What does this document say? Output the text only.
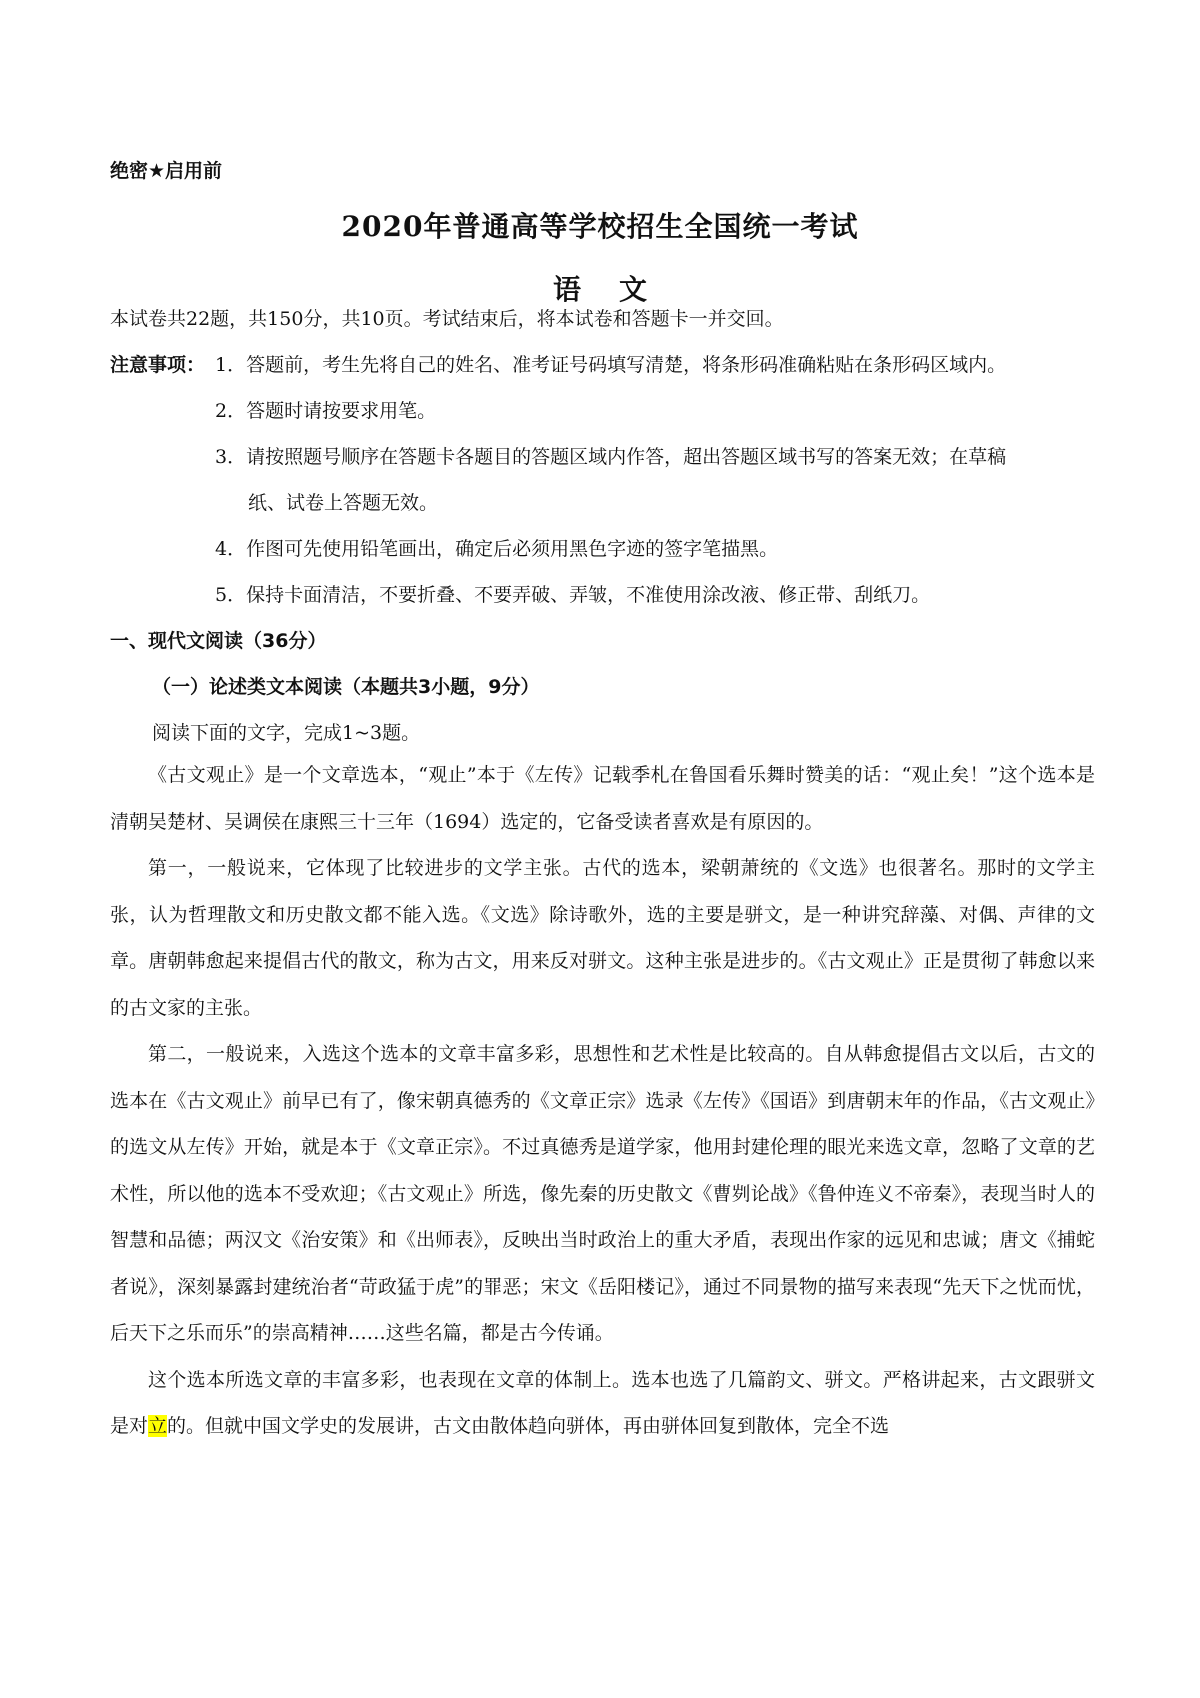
绝密★启用前
2020年普通高等学校招生全国统一考试
语文
本试卷共22题，共150分，共10页。考试结束后，将本试卷和答题卡一并交回。
注意事项： 1．答题前，考生先将自己的姓名、准考证号码填写清楚，将条形码准确粘贴在条形码区域内。
2．答题时请按要求用笔。
3．请按照题号顺序在答题卡各题目的答题区域内作答，超出答题区域书写的答案无效；在草稿
纸、试卷上答题无效。
4．作图可先使用铅笔画出，确定后必须用黑色字迹的签字笔描黑。
5．保持卡面清洁，不要折叠、不要弄破、弄皱，不准使用涂改液、修正带、刮纸刀。
一、现代文阅读（36分）
（一）论述类文本阅读（本题共3小题，9分）
阅读下面的文字，完成1~3题。

《古文观止》是一个文章选本，“观止”本于《左传》记载季札在鲁国看乐舞时赞美的话：“观止矣！”这个选本是清朝吴楚材、吴调侯在康熙三十三年（1694）选定的，它备受读者喜欢是有原因的。

第一，一般说来，它体现了比较进步的文学主张。古代的选本，梁朝萧统的《文选》也很著名。那时的文学主张，认为哲理散文和历史散文都不能入选。《文选》除诗歌外，选的主要是骈文，是一种讲究辞藻、对偶、声律的文章。唐朝韩愈起来提倡古代的散文，称为古文，用来反对骈文。这种主张是进步的。《古文观止》正是贯彻了韩愈以来的古文家的主张。

第二，一般说来，入选这个选本的文章丰富多彩，思想性和艺术性是比较高的。自从韩愈提倡古文以后，古文的选本在《古文观止》前早已有了，像宋朝真德秀的《文章正宗》选录《左传》《国语》到唐朝末年的作品，《古文观止》的选文从左传》开始，就是本于《文章正宗》。不过真德秀是道学家，他用封建伦理的眼光来选文章，忽略了文章的艺术性，所以他的选本不受欢迎；《古文观止》所选，像先秦的历史散文《曹刿论战》《鲁仲连义不帝秦》，表现当时人的智慧和品德；两汉文《治安策》和《出师表》，反映出当时政治上的重大矛盾，表现出作家的远见和忠诚；唐文《捕蛇者说》，深刻暴露封建统治者“苛政猛于虎”的罪恶；宋文《岳阳楼记》，通过不同景物的描写来表现“先天下之忧而忧，后天下之乐而乐”的崇高精神……这些名篇，都是古今传诵。

这个选本所选文章的丰富多彩，也表现在文章的体制上。选本也选了几篇韵文、骈文。严格讲起来，古文跟骈文是对立的。但就中国文学史的发展讲，古文由散体趋向骈体，再由骈体回复到散体，完全不选
